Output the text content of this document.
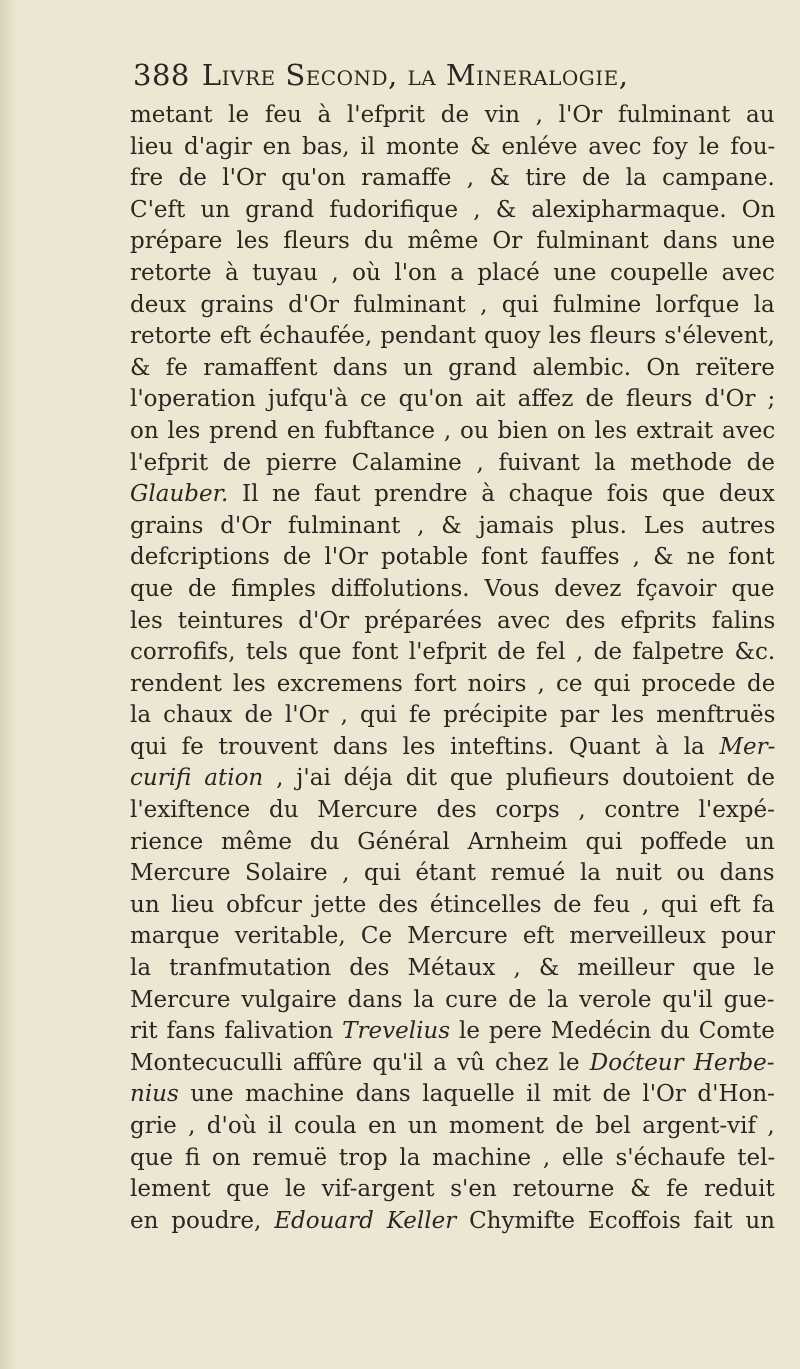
388 Livre Second, la Mineralogie,
metant le feu à l'efprit de vin , l'Or fulminant au
lieu d'agir en bas, il monte & enléve avec foy le fou-
fre de l'Or qu'on ramaffe , & tire de la campane.
C'eft un grand fudorifique , & alexipharmaque. On
prépare les fleurs du même Or fulminant dans une
retorte à tuyau , où l'on a placé une coupelle avec
deux grains d'Or fulminant , qui fulmine lorfque la
retorte eft échaufée, pendant quoy les fleurs s'élevent,
& fe ramaffent dans un grand alembic. On reïtere
l'operation jufqu'à ce qu'on ait affez de fleurs d'Or ;
on les prend en fubftance , ou bien on les extrait avec
l'efprit de pierre Calamine , fuivant la methode de
Glauber. Il ne faut prendre à chaque fois que deux
grains d'Or fulminant , & jamais plus. Les autres
defcriptions de l'Or potable font fauffes , & ne font
que de fimples diffolutions. Vous devez fçavoir que
les teintures d'Or préparées avec des efprits falins
corrofifs, tels que font l'efprit de fel , de falpetre &c.
rendent les excremens fort noirs , ce qui procede de
la chaux de l'Or , qui fe précipite par les menftruës
qui fe trouvent dans les inteftins. Quant à la Mer-
curifi ation , j'ai déja dit que plufieurs doutoient de
l'exiftence du Mercure des corps , contre l'expé-
rience même du Général Arnheim qui poffede un
Mercure Solaire , qui étant remué la nuit ou dans
un lieu obfcur jette des étincelles de feu , qui eft fa
marque veritable, Ce Mercure eft merveilleux pour
la tranfmutation des Métaux , & meilleur que le
Mercure vulgaire dans la cure de la verole qu'il gue-
rit fans falivation Trevelius le pere Medécin du Comte
Montecuculli affûre qu'il a vû chez le Doćteur Herbe-
nius une machine dans laquelle il mit de l'Or d'Hon-
grie , d'où il coula en un moment de bel argent-vif ,
que fi on remuë trop la machine , elle s'échaufe tel-
lement que le vif-argent s'en retourne & fe reduit
en poudre, Edouard Keller Chymifte Ecoffois fait un
